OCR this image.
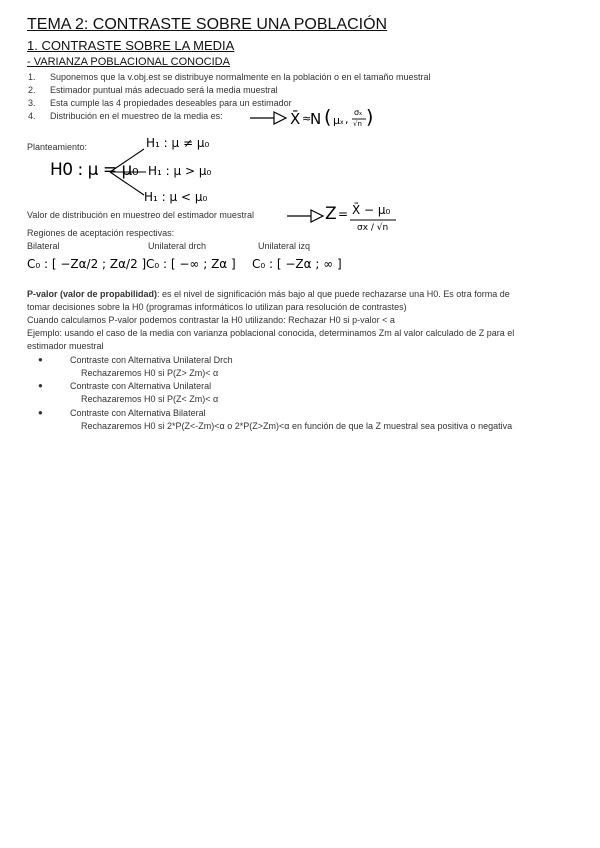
TEMA 2: CONTRASTE SOBRE UNA POBLACIÓN
1. CONTRASTE SOBRE LA MEDIA
- VARIANZA POBLACIONAL CONOCIDA
1. Suponemos que la v.obj.est se distribuye normalmente en la población o en el tamaño muestral
2. Estimador puntual más adecuado será la media muestral
3. Esta cumple las 4 propiedades deseables para un estimador
4. Distribución en el muestreo de la media es:	X̄ ≈
N ( μ x ,
σ x
√n )
Planteamiento:
H0 : μ = μ₀
H₁ : μ ≠ μ₀
H₁ : μ > μ₀
H₁ : μ < μ₀
Valor de distribución en muestreo del estimador muestral	Z = X̄ − μ₀
σx / √n
Regiones de aceptación respectivas:
Bilateral	Unilateral drch	Unilateral izq
C₀ : [ −Zα/2 ; Zα/2 ] C₀ : [ −∞ ; Zα ] C₀ : [ −Zα ; ∞ ]
P-valor (valor de propabilidad): es el nivel de significación más bajo al que puede rechazarse una H0. Es otra forma de
tomar decisiones sobre la H0 (programas informáticos lo utilizan para resolución de contrastes)
Cuando calculamos P-valor podemos contrastar la H0 utilizando: Rechazar H0 si p-valor < a
Ejemplo: usando el caso de la media con varianza poblacional conocida, determinamos Zm al valor calculado de Z para el
estimador muestral
●	Contraste con Alternativa Unilateral Drch
Rechazaremos H0 si P(Z> Zm)< α
●	Contraste con Alternativa Unilateral
Rechazaremos H0 si P(Z< Zm)< α
●	Contraste con Alternativa Bilateral
Rechazaremos H0 si 2*P(Z<-Zm)<α o 2*P(Z>Zm)<α en función de que la Z muestral sea positiva o negativa
